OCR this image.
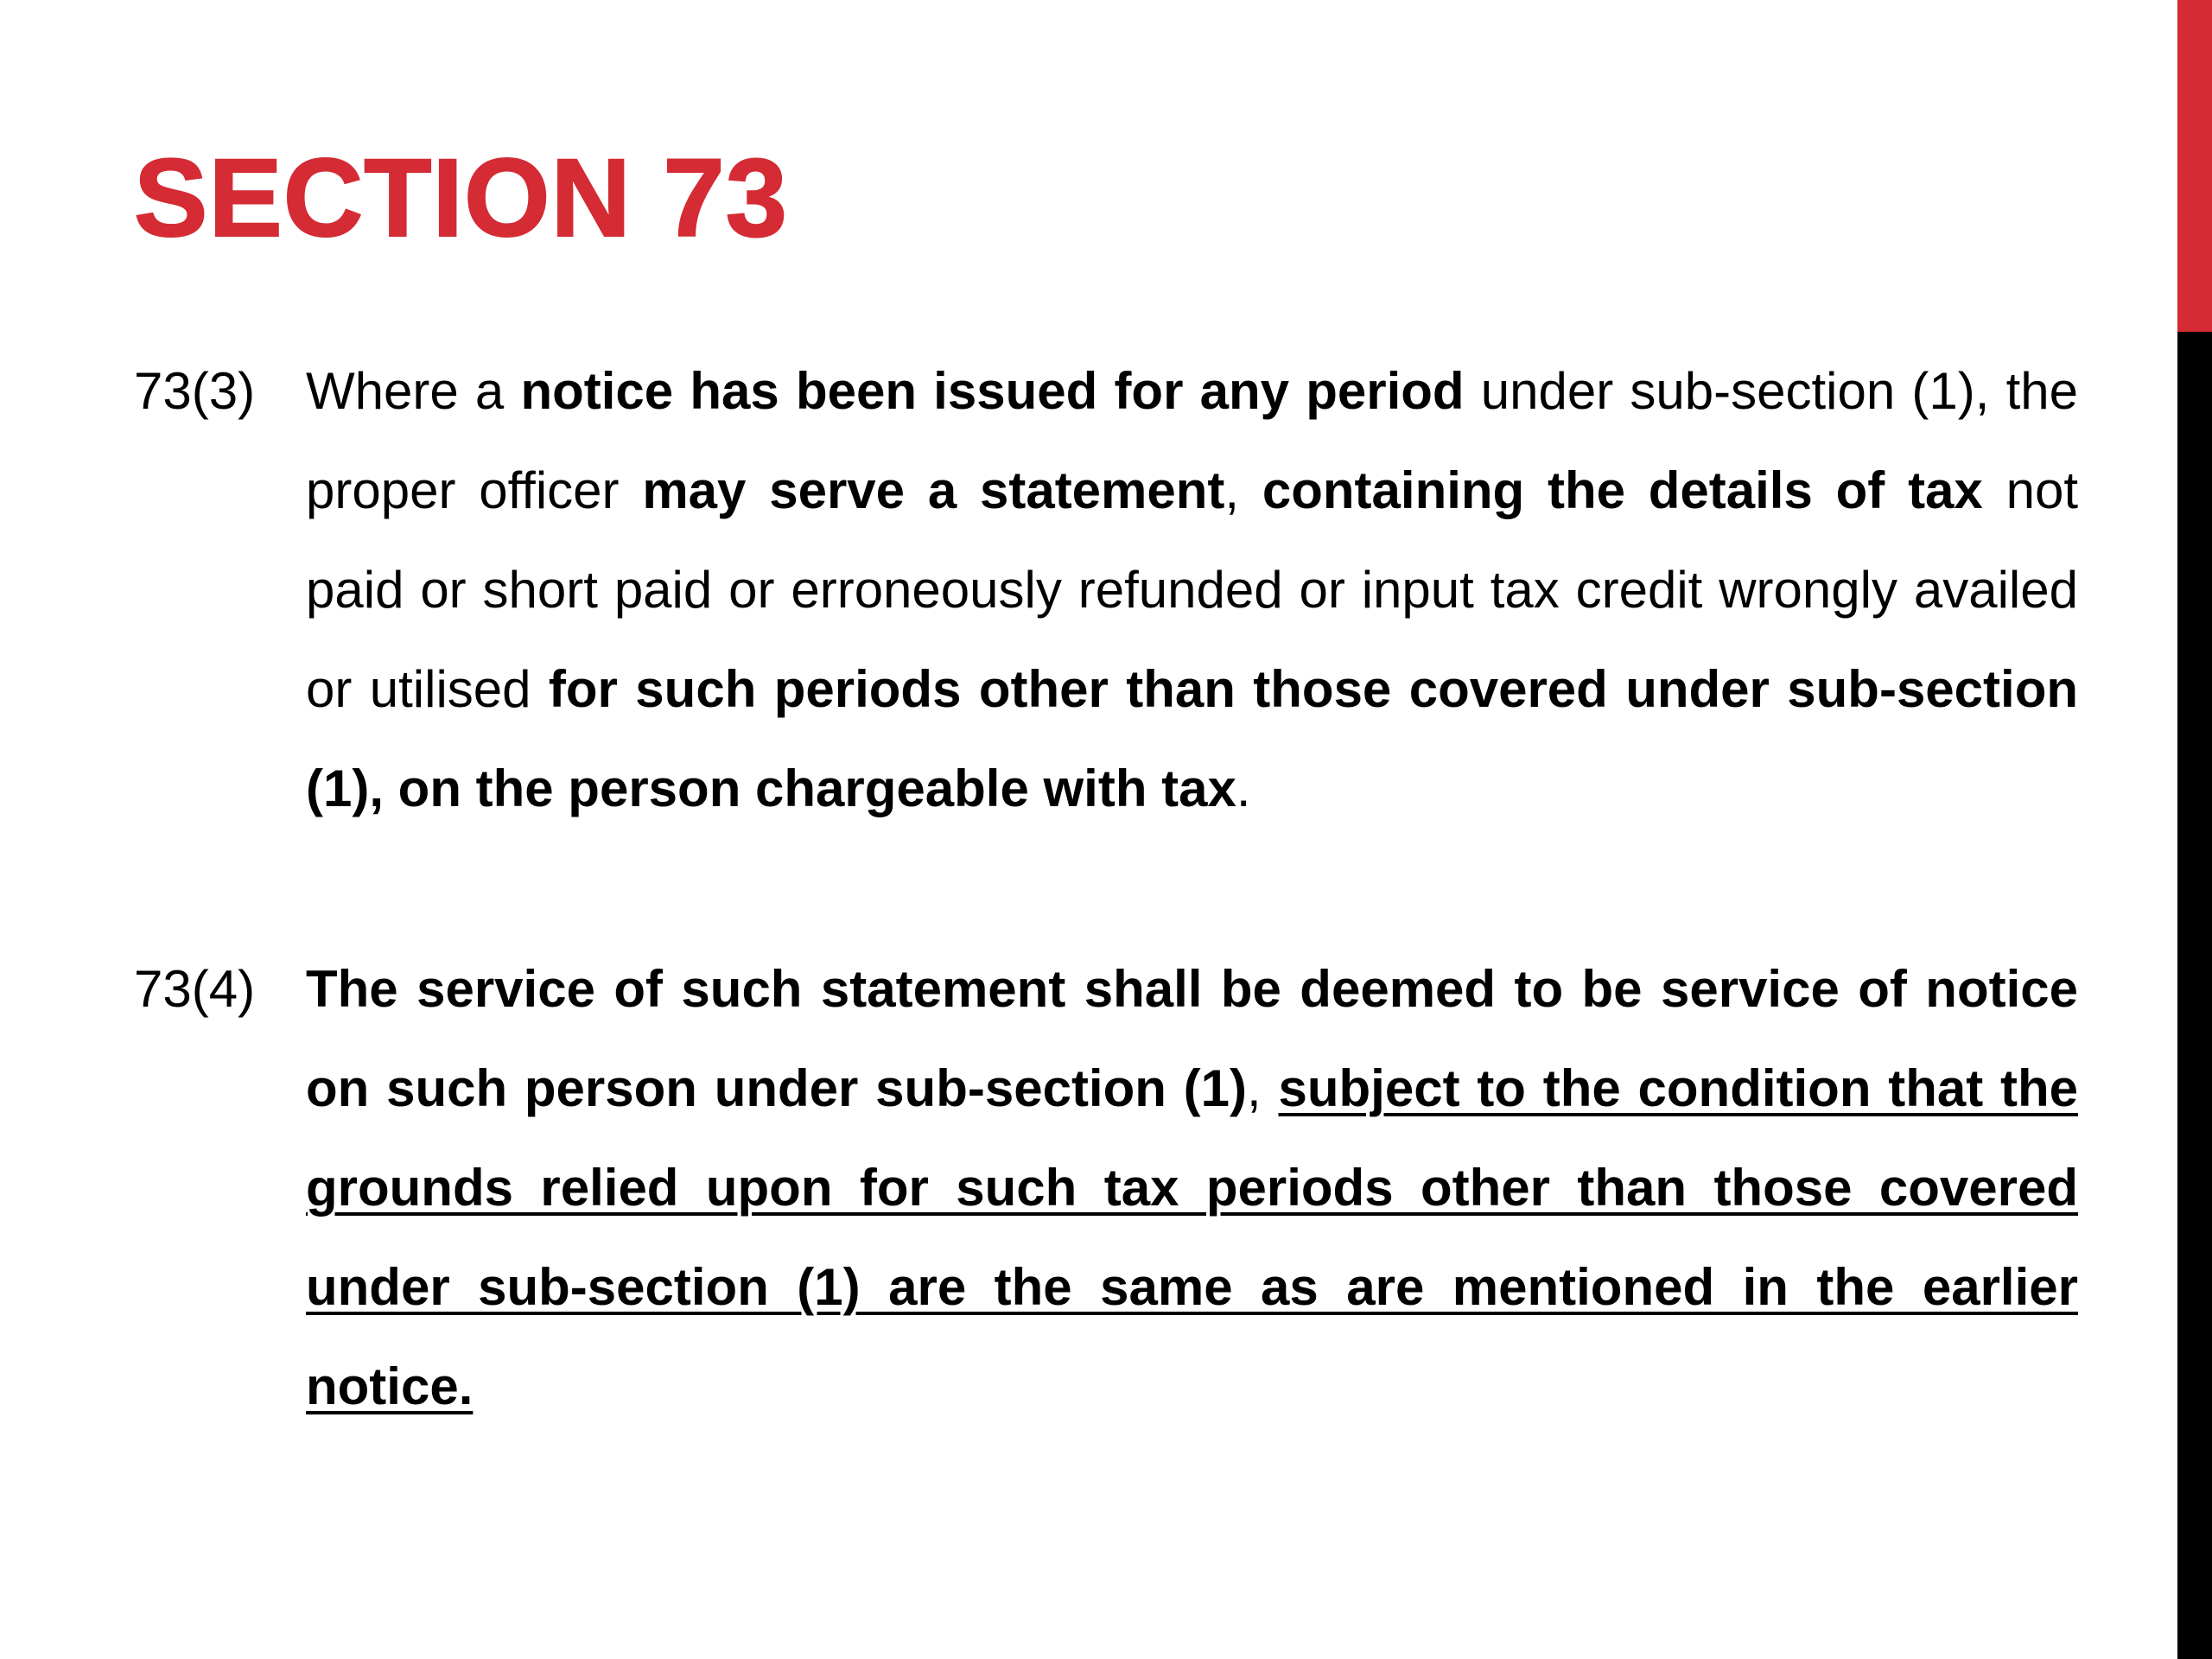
SECTION 73
73(3) Where a notice has been issued for any period under sub-section (1), the proper officer may serve a statement, containing the details of tax not paid or short paid or erroneously refunded or input tax credit wrongly availed or utilised for such periods other than those covered under sub-section (1), on the person chargeable with tax.
73(4) The service of such statement shall be deemed to be service of notice on such person under sub-section (1), subject to the condition that the grounds relied upon for such tax periods other than those covered under sub-section (1) are the same as are mentioned in the earlier notice.
